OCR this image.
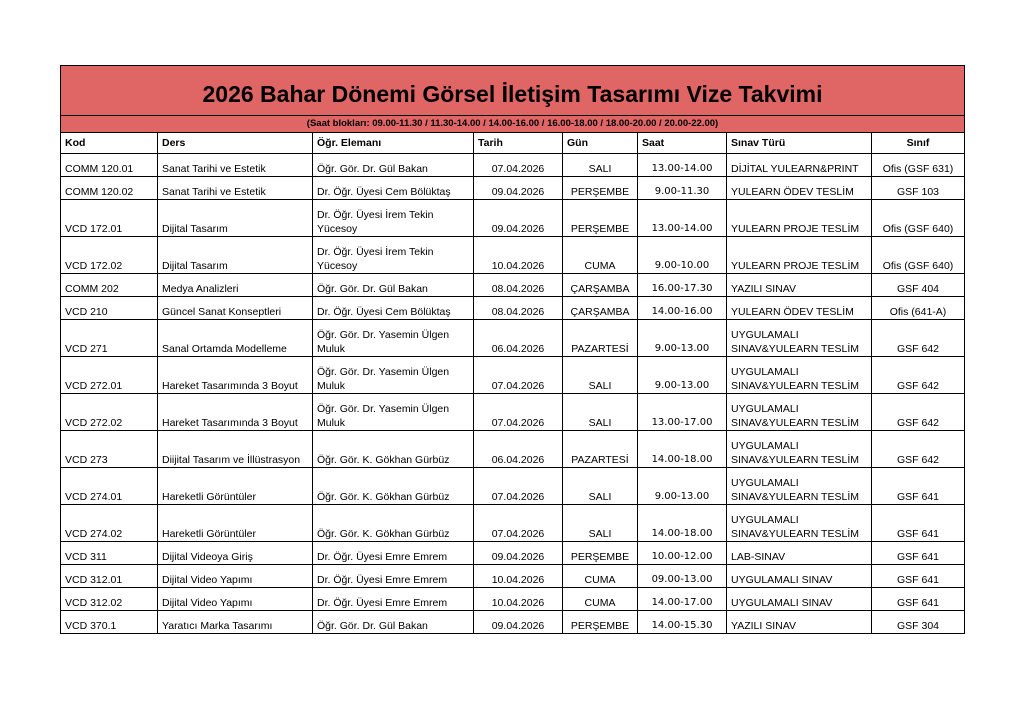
2026 Bahar Dönemi Görsel İletişim Tasarımı Vize Takvimi							
(Saat blokları: 09.00-11.30 / 11.30-14.00 / 14.00-16.00 / 16.00-18.00 / 18.00-20.00 / 20.00-22.00)							
Kod	Ders	Öğr. Elemanı	Tarih	Gün	Saat	Sınav Türü	Sınıf
COMM 120.01	Sanat Tarihi ve Estetik	Öğr. Gör. Dr. Gül Bakan	07.04.2026	SALI	13.00-14.00	DİJİTAL YULEARN&PRINT	Ofis (GSF 631)
COMM 120.02	Sanat Tarihi ve Estetik	Dr. Öğr. Üyesi Cem Bölüktaş	09.04.2026	PERŞEMBE	9.00-11.30	YULEARN ÖDEV TESLİM	GSF 103
VCD 172.01	Dijital Tasarım	Dr. Öğr. Üyesi İrem Tekin Yücesoy	09.04.2026	PERŞEMBE	13.00-14.00	YULEARN PROJE TESLİM	Ofis (GSF 640)
VCD 172.02	Dijital Tasarım	Dr. Öğr. Üyesi İrem Tekin Yücesoy	10.04.2026	CUMA	9.00-10.00	YULEARN PROJE TESLİM	Ofis (GSF 640)
COMM 202	Medya Analizleri	Öğr. Gör. Dr. Gül Bakan	08.04.2026	ÇARŞAMBA	16.00-17.30	YAZILI SINAV	GSF 404
VCD 210	Güncel Sanat Konseptleri	Dr. Öğr. Üyesi Cem Bölüktaş	08.04.2026	ÇARŞAMBA	14.00-16.00	YULEARN ÖDEV TESLİM	Ofis (641-A)
VCD 271	Sanal Ortamda Modelleme	Öğr. Gör. Dr. Yasemin Ülgen Muluk	06.04.2026	PAZARTESİ	9.00-13.00	UYGULAMALI SINAV&YULEARN TESLİM	GSF 642
VCD 272.01	Hareket Tasarımında 3 Boyut	Öğr. Gör. Dr. Yasemin Ülgen Muluk	07.04.2026	SALI	9.00-13.00	UYGULAMALI SINAV&YULEARN TESLİM	GSF 642
VCD 272.02	Hareket Tasarımında 3 Boyut	Öğr. Gör. Dr. Yasemin Ülgen Muluk	07.04.2026	SALI	13.00-17.00	UYGULAMALI SINAV&YULEARN TESLİM	GSF 642
VCD 273	Diijital Tasarım ve İllüstrasyon	Öğr. Gör. K. Gökhan Gürbüz	06.04.2026	PAZARTESİ	14.00-18.00	UYGULAMALI SINAV&YULEARN TESLİM	GSF 642
VCD 274.01	Hareketli Görüntüler	Öğr. Gör. K. Gökhan Gürbüz	07.04.2026	SALI	9.00-13.00	UYGULAMALI SINAV&YULEARN TESLİM	GSF 641
VCD 274.02	Hareketli Görüntüler	Öğr. Gör. K. Gökhan Gürbüz	07.04.2026	SALI	14.00-18.00	UYGULAMALI SINAV&YULEARN TESLİM	GSF 641
VCD 311	Dijital Videoya Giriş	Dr. Öğr. Üyesi Emre Emrem	09.04.2026	PERŞEMBE	10.00-12.00	LAB-SINAV	GSF 641
VCD 312.01	Dijital Video Yapımı	Dr. Öğr. Üyesi Emre Emrem	10.04.2026	CUMA	09.00-13.00	UYGULAMALI SINAV	GSF 641
VCD 312.02	Dijital Video Yapımı	Dr. Öğr. Üyesi Emre Emrem	10.04.2026	CUMA	14.00-17.00	UYGULAMALI SINAV	GSF 641
VCD 370.1	Yaratıcı Marka Tasarımı	Öğr. Gör. Dr. Gül Bakan	09.04.2026	PERŞEMBE	14.00-15.30	YAZILI SINAV	GSF 304
